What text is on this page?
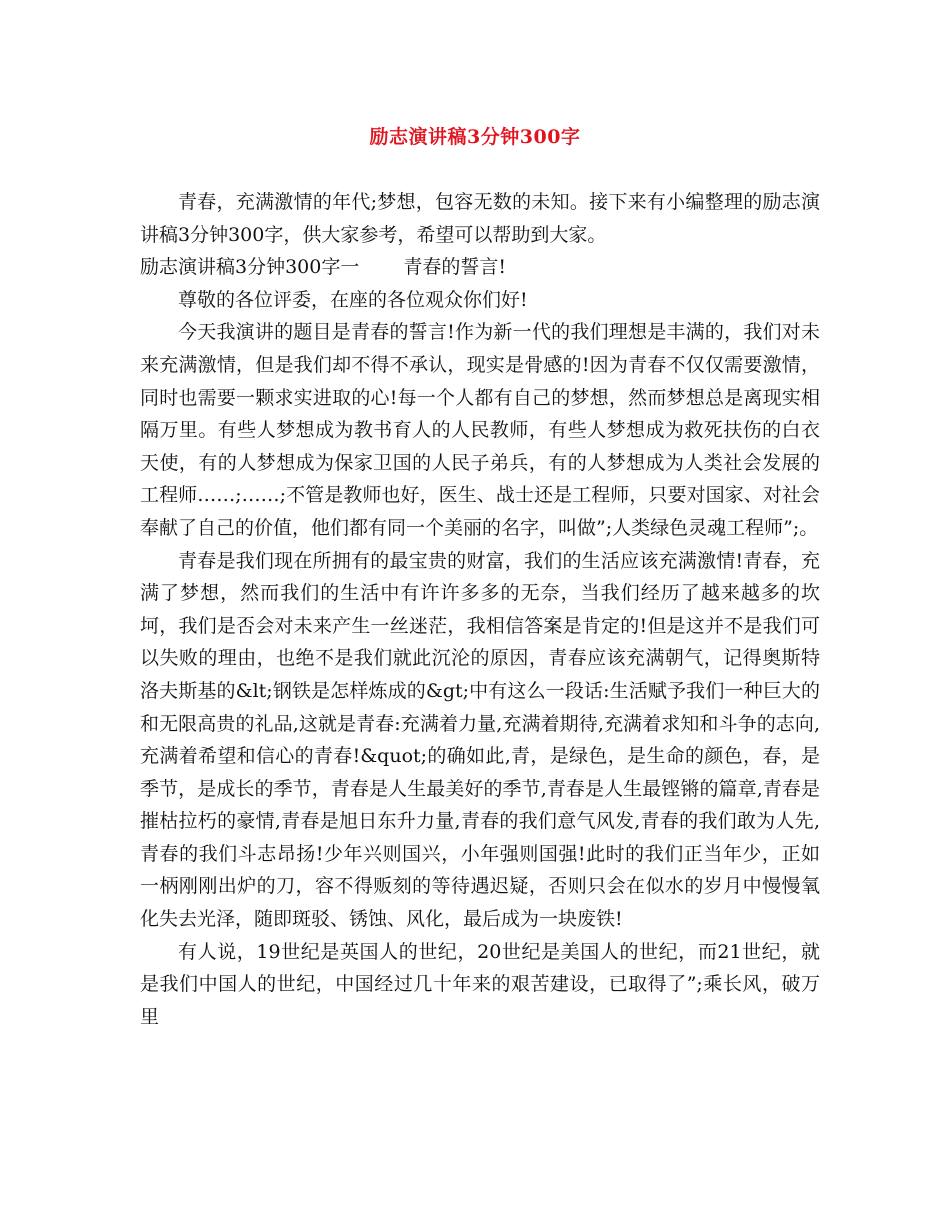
励志演讲稿3分钟300字

青春，充满激情的年代;梦想，包容无数的未知。接下来有小编整理的励志演讲稿3分钟300字，供大家参考，希望可以帮助到大家。

励志演讲稿3分钟300字一 青春的誓言!

尊敬的各位评委，在座的各位观众你们好!

今天我演讲的题目是青春的誓言!作为新一代的我们理想是丰满的，我们对未来充满激情，但是我们却不得不承认，现实是骨感的!因为青春不仅仅需要激情，同时也需要一颗求实进取的心!每一个人都有自己的梦想，然而梦想总是离现实相隔万里。有些人梦想成为教书育人的人民教师，有些人梦想成为救死扶伤的白衣天使，有的人梦想成为保家卫国的人民子弟兵，有的人梦想成为人类社会发展的工程师……;……;不管是教师也好，医生、战士还是工程师，只要对国家、对社会奉献了自己的价值，他们都有同一个美丽的名字，叫做”;人类绿色灵魂工程师”;。

青春是我们现在所拥有的最宝贵的财富，我们的生活应该充满激情!青春，充满了梦想，然而我们的生活中有许许多多的无奈，当我们经历了越来越多的坎坷，我们是否会对未来产生一丝迷茫，我相信答案是肯定的!但是这并不是我们可以失败的理由，也绝不是我们就此沉沦的原因，青春应该充满朝气，记得奥斯特洛夫斯基的&lt;钢铁是怎样炼成的&gt;中有这么一段话:生活赋予我们一种巨大的和无限高贵的礼品,这就是青春:充满着力量,充满着期待,充满着求知和斗争的志向,充满着希望和信心的青春!&quot;的确如此,青，是绿色，是生命的颜色，春，是季节，是成长的季节，青春是人生最美好的季节,青春是人生最铿锵的篇章,青春是摧枯拉朽的豪情,青春是旭日东升力量,青春的我们意气风发,青春的我们敢为人先,青春的我们斗志昂扬!少年兴则国兴，小年强则国强!此时的我们正当年少，正如一柄刚刚出炉的刀，容不得贩刻的等待遇迟疑，否则只会在似水的岁月中慢慢氧化失去光泽，随即斑驳、锈蚀、风化，最后成为一块废铁!

有人说，19世纪是英国人的世纪，20世纪是美国人的世纪，而21世纪，就是我们中国人的世纪，中国经过几十年来的艰苦建设，已取得了”;乘长风，破万里
